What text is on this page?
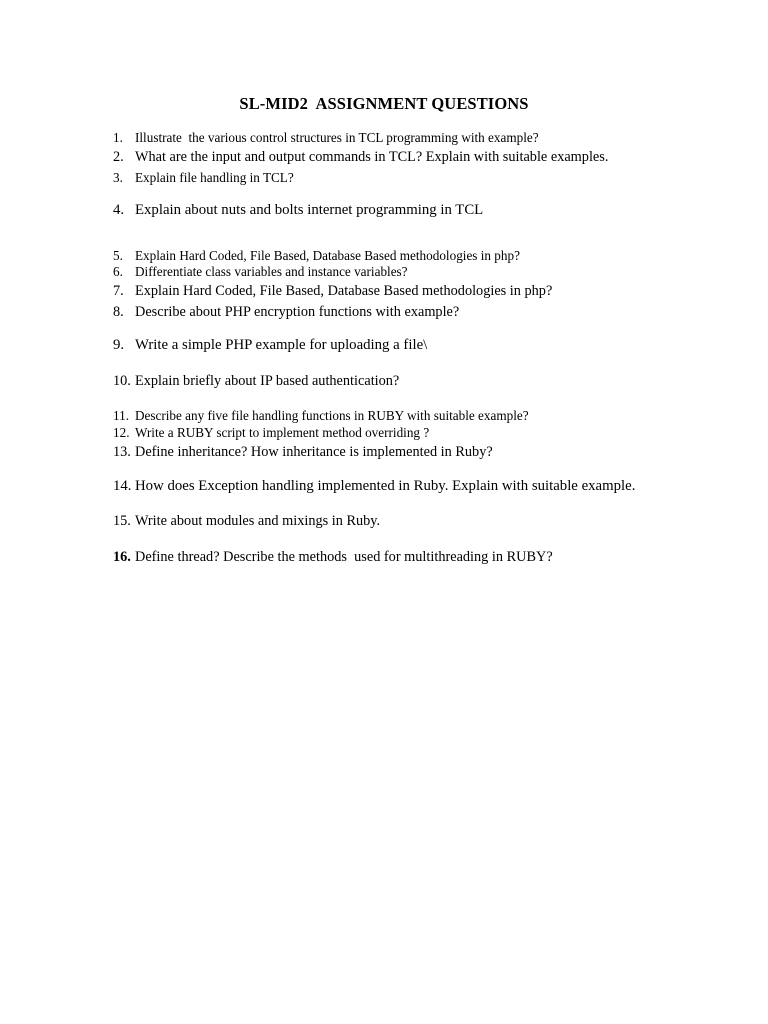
SL-MID2  ASSIGNMENT QUESTIONS

1.

Illustrate  the various control structures in TCL programming with example?

2.

What are the input and output commands in TCL? Explain with suitable examples.

3.

Explain file handling in TCL?

4.

Explain about nuts and bolts internet programming in TCL

5.

Explain Hard Coded, File Based, Database Based methodologies in php?

6.

Differentiate class variables and instance variables?

7.

Explain Hard Coded, File Based, Database Based methodologies in php?

8.

Describe about PHP encryption functions with example?

9.

Write a simple PHP example for uploading a file\

10.

Explain briefly about IP based authentication?

11.

Describe any five file handling functions in RUBY with suitable example?

12.

Write a RUBY script to implement method overriding ?

13.

Define inheritance? How inheritance is implemented in Ruby?

14.

How does Exception handling implemented in Ruby. Explain with suitable example.

15.

Write about modules and mixings in Ruby.

16.

Define thread? Describe the methods  used for multithreading in RUBY?
